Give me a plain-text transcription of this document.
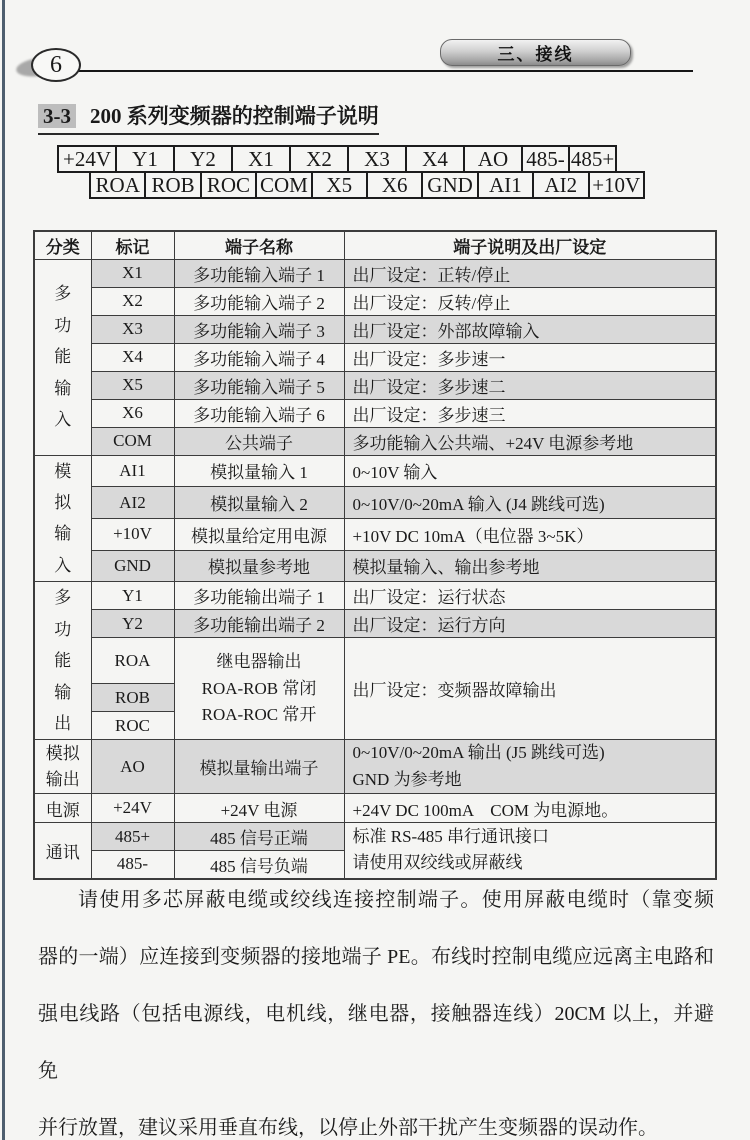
6	三、接线
3-3 200 系列变频器的控制端子说明
+24V	Y1	Y2	X1	X2	X3	X4	AO 485- 485+
ROA ROB ROC COM X5	X6 GND AI1	AI2 +10V
分类	标记	端子名称	端子说明及出厂设定

多功能输入	X1	多功能输入端子 1	出厂设定：正转/停止
	X2	多功能输入端子 2	出厂设定：反转/停止
	X3	多功能输入端子 3	出厂设定：外部故障输入
	X4	多功能输入端子 4	出厂设定：多步速一
	X5	多功能输入端子 5	出厂设定：多步速二
	X6	多功能输入端子 6	出厂设定：多步速三
	COM	公共端子	多功能输入公共端、+24V 电源参考地

模拟输入	AI1	模拟量输入 1	0~10V 输入
	AI2	模拟量输入 2	0~10V/0~20mA 输入 (J4 跳线可选)
	+10V	模拟量给定用电源	+10V DC 10mA（电位器 3~5K）
	GND	模拟量参考地	模拟量输入、输出参考地

多功能输出	Y1	多功能输出端子 1	出厂设定：运行状态
	Y2	多功能输出端子 2	出厂设定：运行方向
	ROA	继电器输出
ROA-ROB 常闭
ROA-ROC 常开	出厂设定：变频器故障输出
	ROB		
	ROC		

模拟输出	AO	模拟量输出端子	0~10V/0~20mA 输出 (J5 跳线可选)
GND 为参考地

电源	+24V	+24V 电源	+24V DC 100mA　COM 为电源地。
通讯	485+	485 信号正端	标准 RS-485 串行通讯接口
请使用双绞线或屏蔽线

	485-	485 信号负端	
请使用多芯屏蔽电缆或绞线连接控制端子。使用屏蔽电缆时（靠变频
器的一端）应连接到变频器的接地端子 PE。布线时控制电缆应远离主电路和
强电线路（包括电源线，电机线，继电器，接触器连线）20CM 以上，并避免
并行放置，建议采用垂直布线，以停止外部干扰产生变频器的误动作。
